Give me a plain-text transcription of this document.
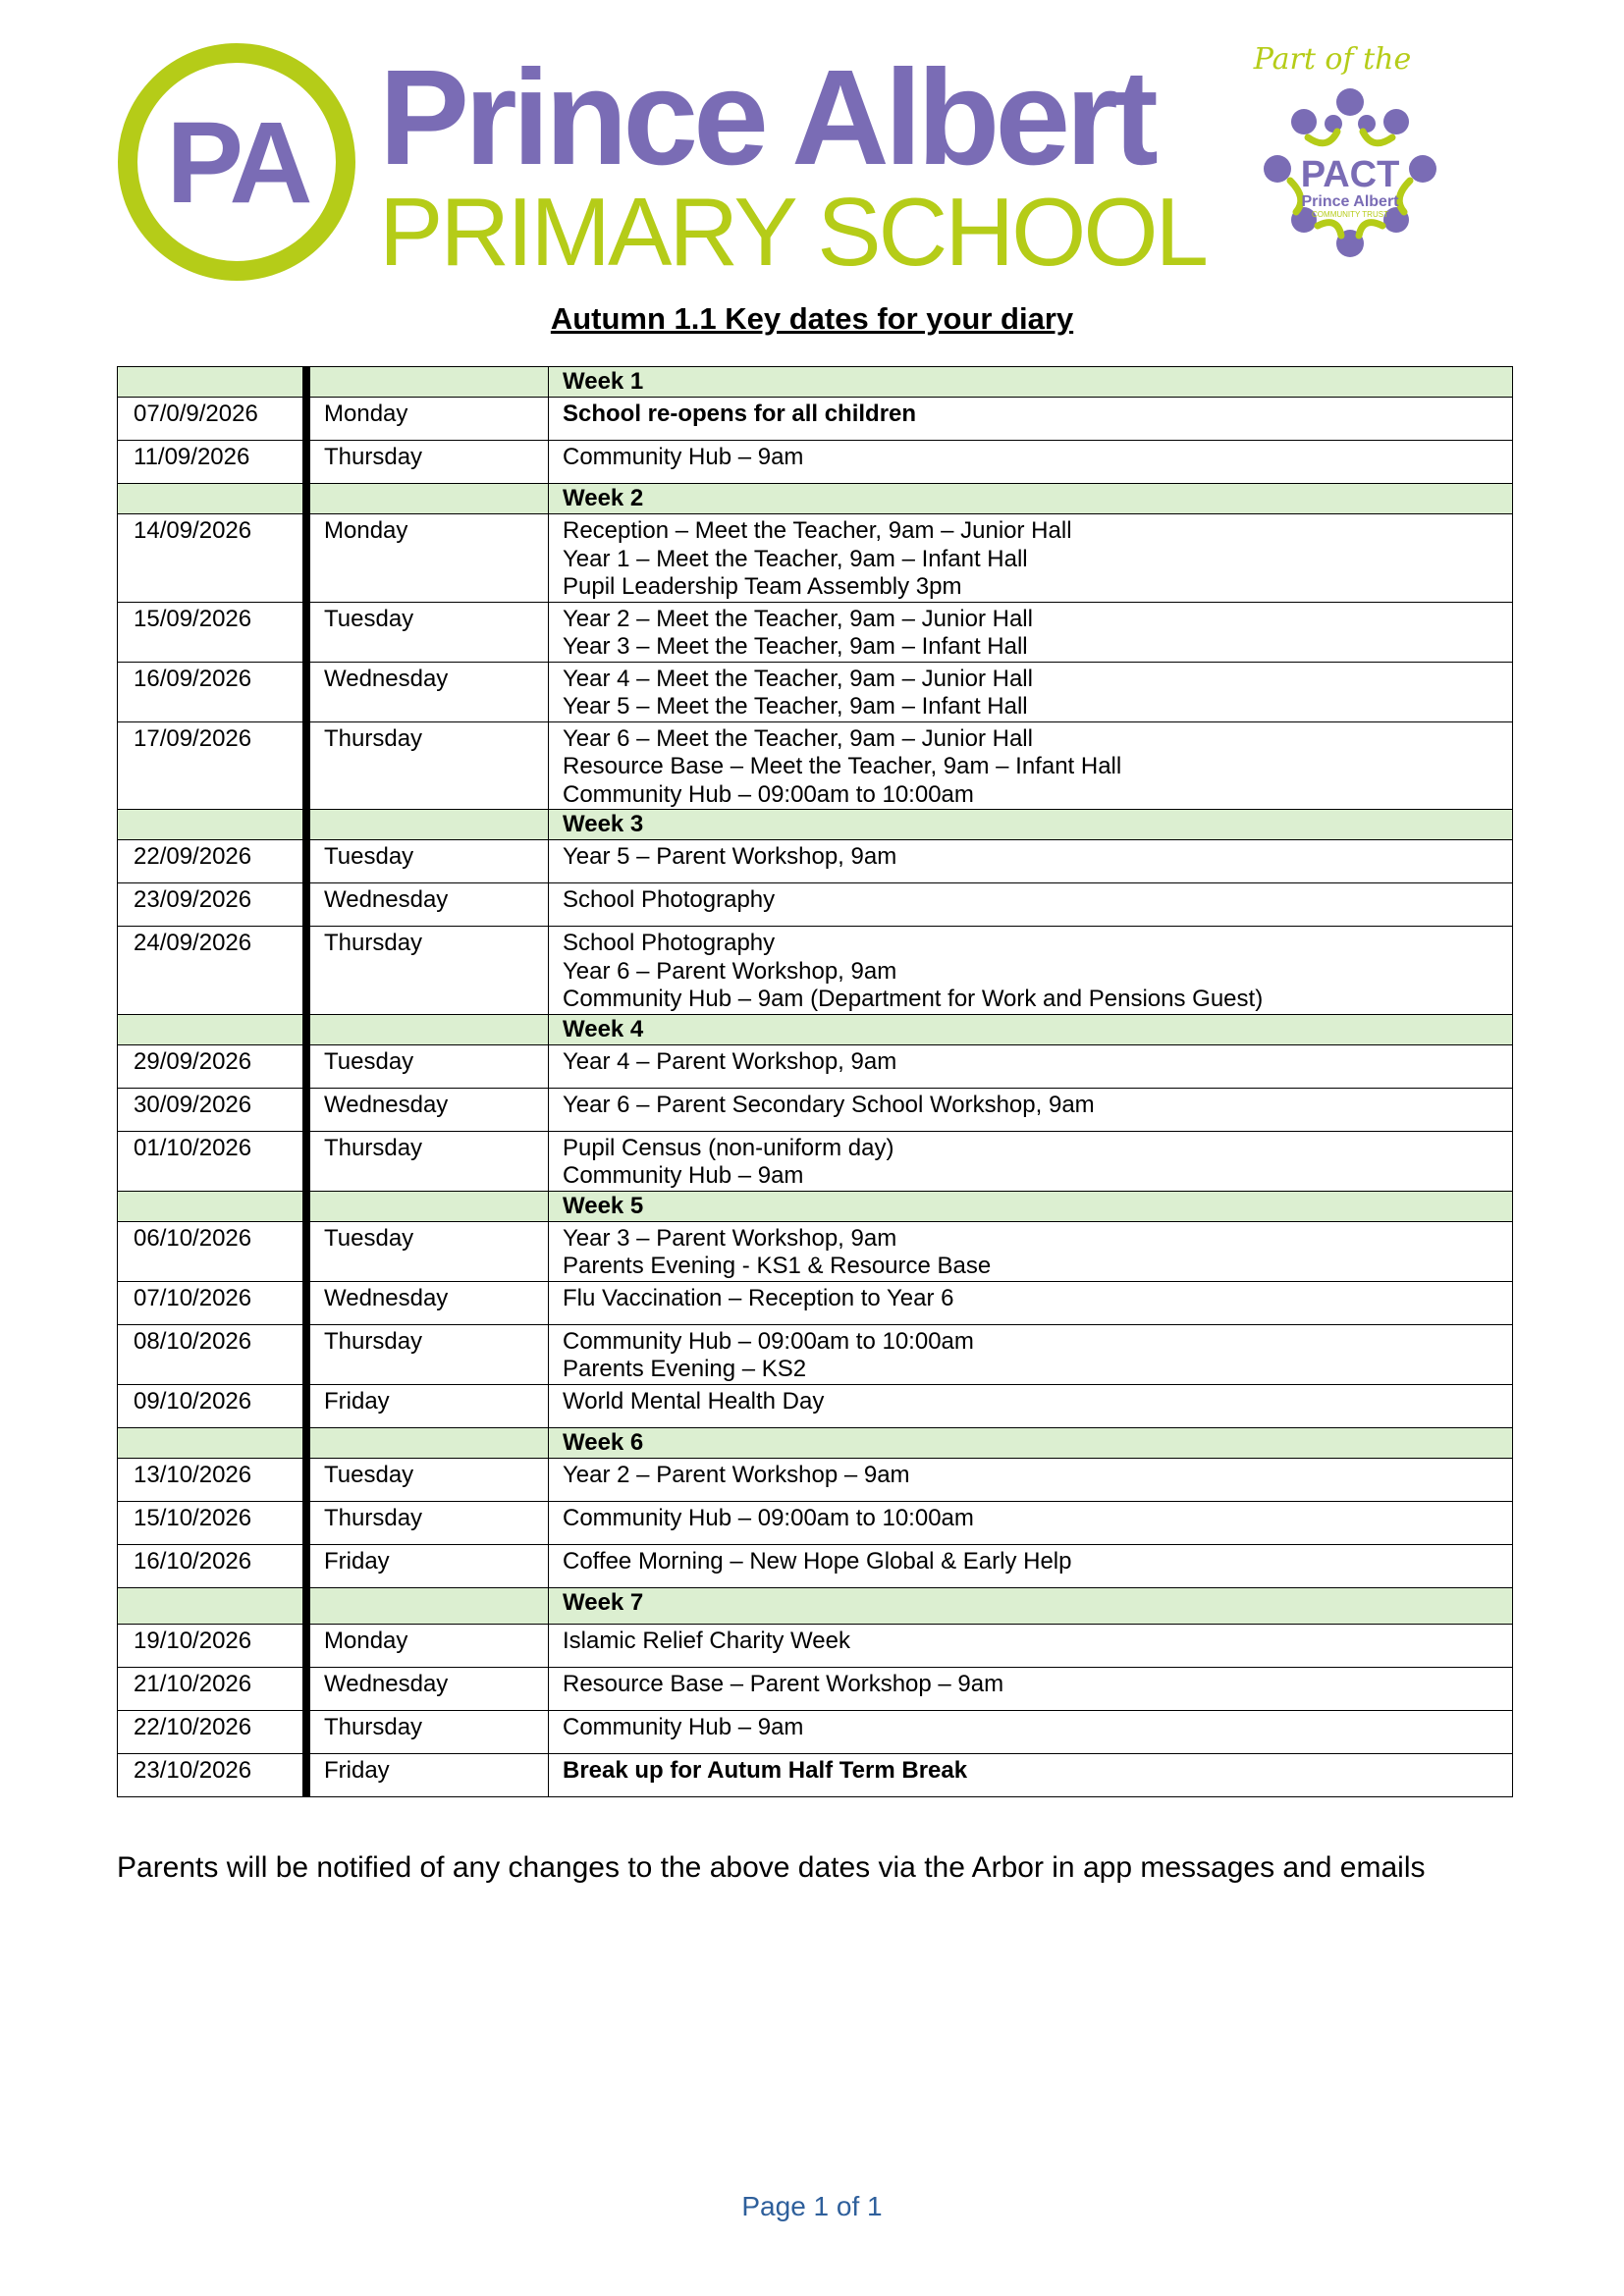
PA Prince Albert
PRIMARY SCHOOL
Part of the
PACT
Prince Albert
COMMUNITY TRUST
Autumn 1.1 Key dates for your diary
		Week 1
07/0/9/2026	Monday	School re-opens for all children

11/09/2026	Thursday	Community Hub – 9am

		Week 2
14/09/2026	Monday	Reception – Meet the Teacher, 9am – Junior Hall
Year 1 – Meet the Teacher, 9am – Infant Hall
Pupil Leadership Team Assembly 3pm

15/09/2026	Tuesday	Year 2 – Meet the Teacher, 9am – Junior Hall
Year 3 – Meet the Teacher, 9am – Infant Hall

16/09/2026	Wednesday	Year 4 – Meet the Teacher, 9am – Junior Hall
Year 5 – Meet the Teacher, 9am – Infant Hall

17/09/2026	Thursday	Year 6 – Meet the Teacher, 9am – Junior Hall
Resource Base – Meet the Teacher, 9am – Infant Hall
Community Hub – 09:00am to 10:00am

		Week 3
22/09/2026	Tuesday	Year 5 – Parent Workshop, 9am

23/09/2026	Wednesday	School Photography

24/09/2026	Thursday	School Photography
Year 6 – Parent Workshop, 9am
Community Hub – 9am (Department for Work and Pensions Guest)

		Week 4
29/09/2026	Tuesday	Year 4 – Parent Workshop, 9am

30/09/2026	Wednesday	Year 6 – Parent Secondary School Workshop, 9am

01/10/2026	Thursday	Pupil Census (non-uniform day)
Community Hub – 9am

		Week 5
06/10/2026	Tuesday	Year 3 – Parent Workshop, 9am
Parents Evening - KS1 & Resource Base

07/10/2026	Wednesday	Flu Vaccination – Reception to Year 6

08/10/2026	Thursday	Community Hub – 09:00am to 10:00am
Parents Evening – KS2

09/10/2026	Friday	World Mental Health Day

		Week 6
13/10/2026	Tuesday	Year 2 – Parent Workshop – 9am

15/10/2026	Thursday	Community Hub – 09:00am to 10:00am

16/10/2026	Friday	Coffee Morning – New Hope Global & Early Help

		Week 7
19/10/2026	Monday	Islamic Relief Charity Week

21/10/2026	Wednesday	Resource Base – Parent Workshop – 9am

22/10/2026	Thursday	Community Hub – 9am

23/10/2026	Friday	Break up for Autum Half Term Break
Parents will be notified of any changes to the above dates via the Arbor in app messages and emails
Page 1 of 1
